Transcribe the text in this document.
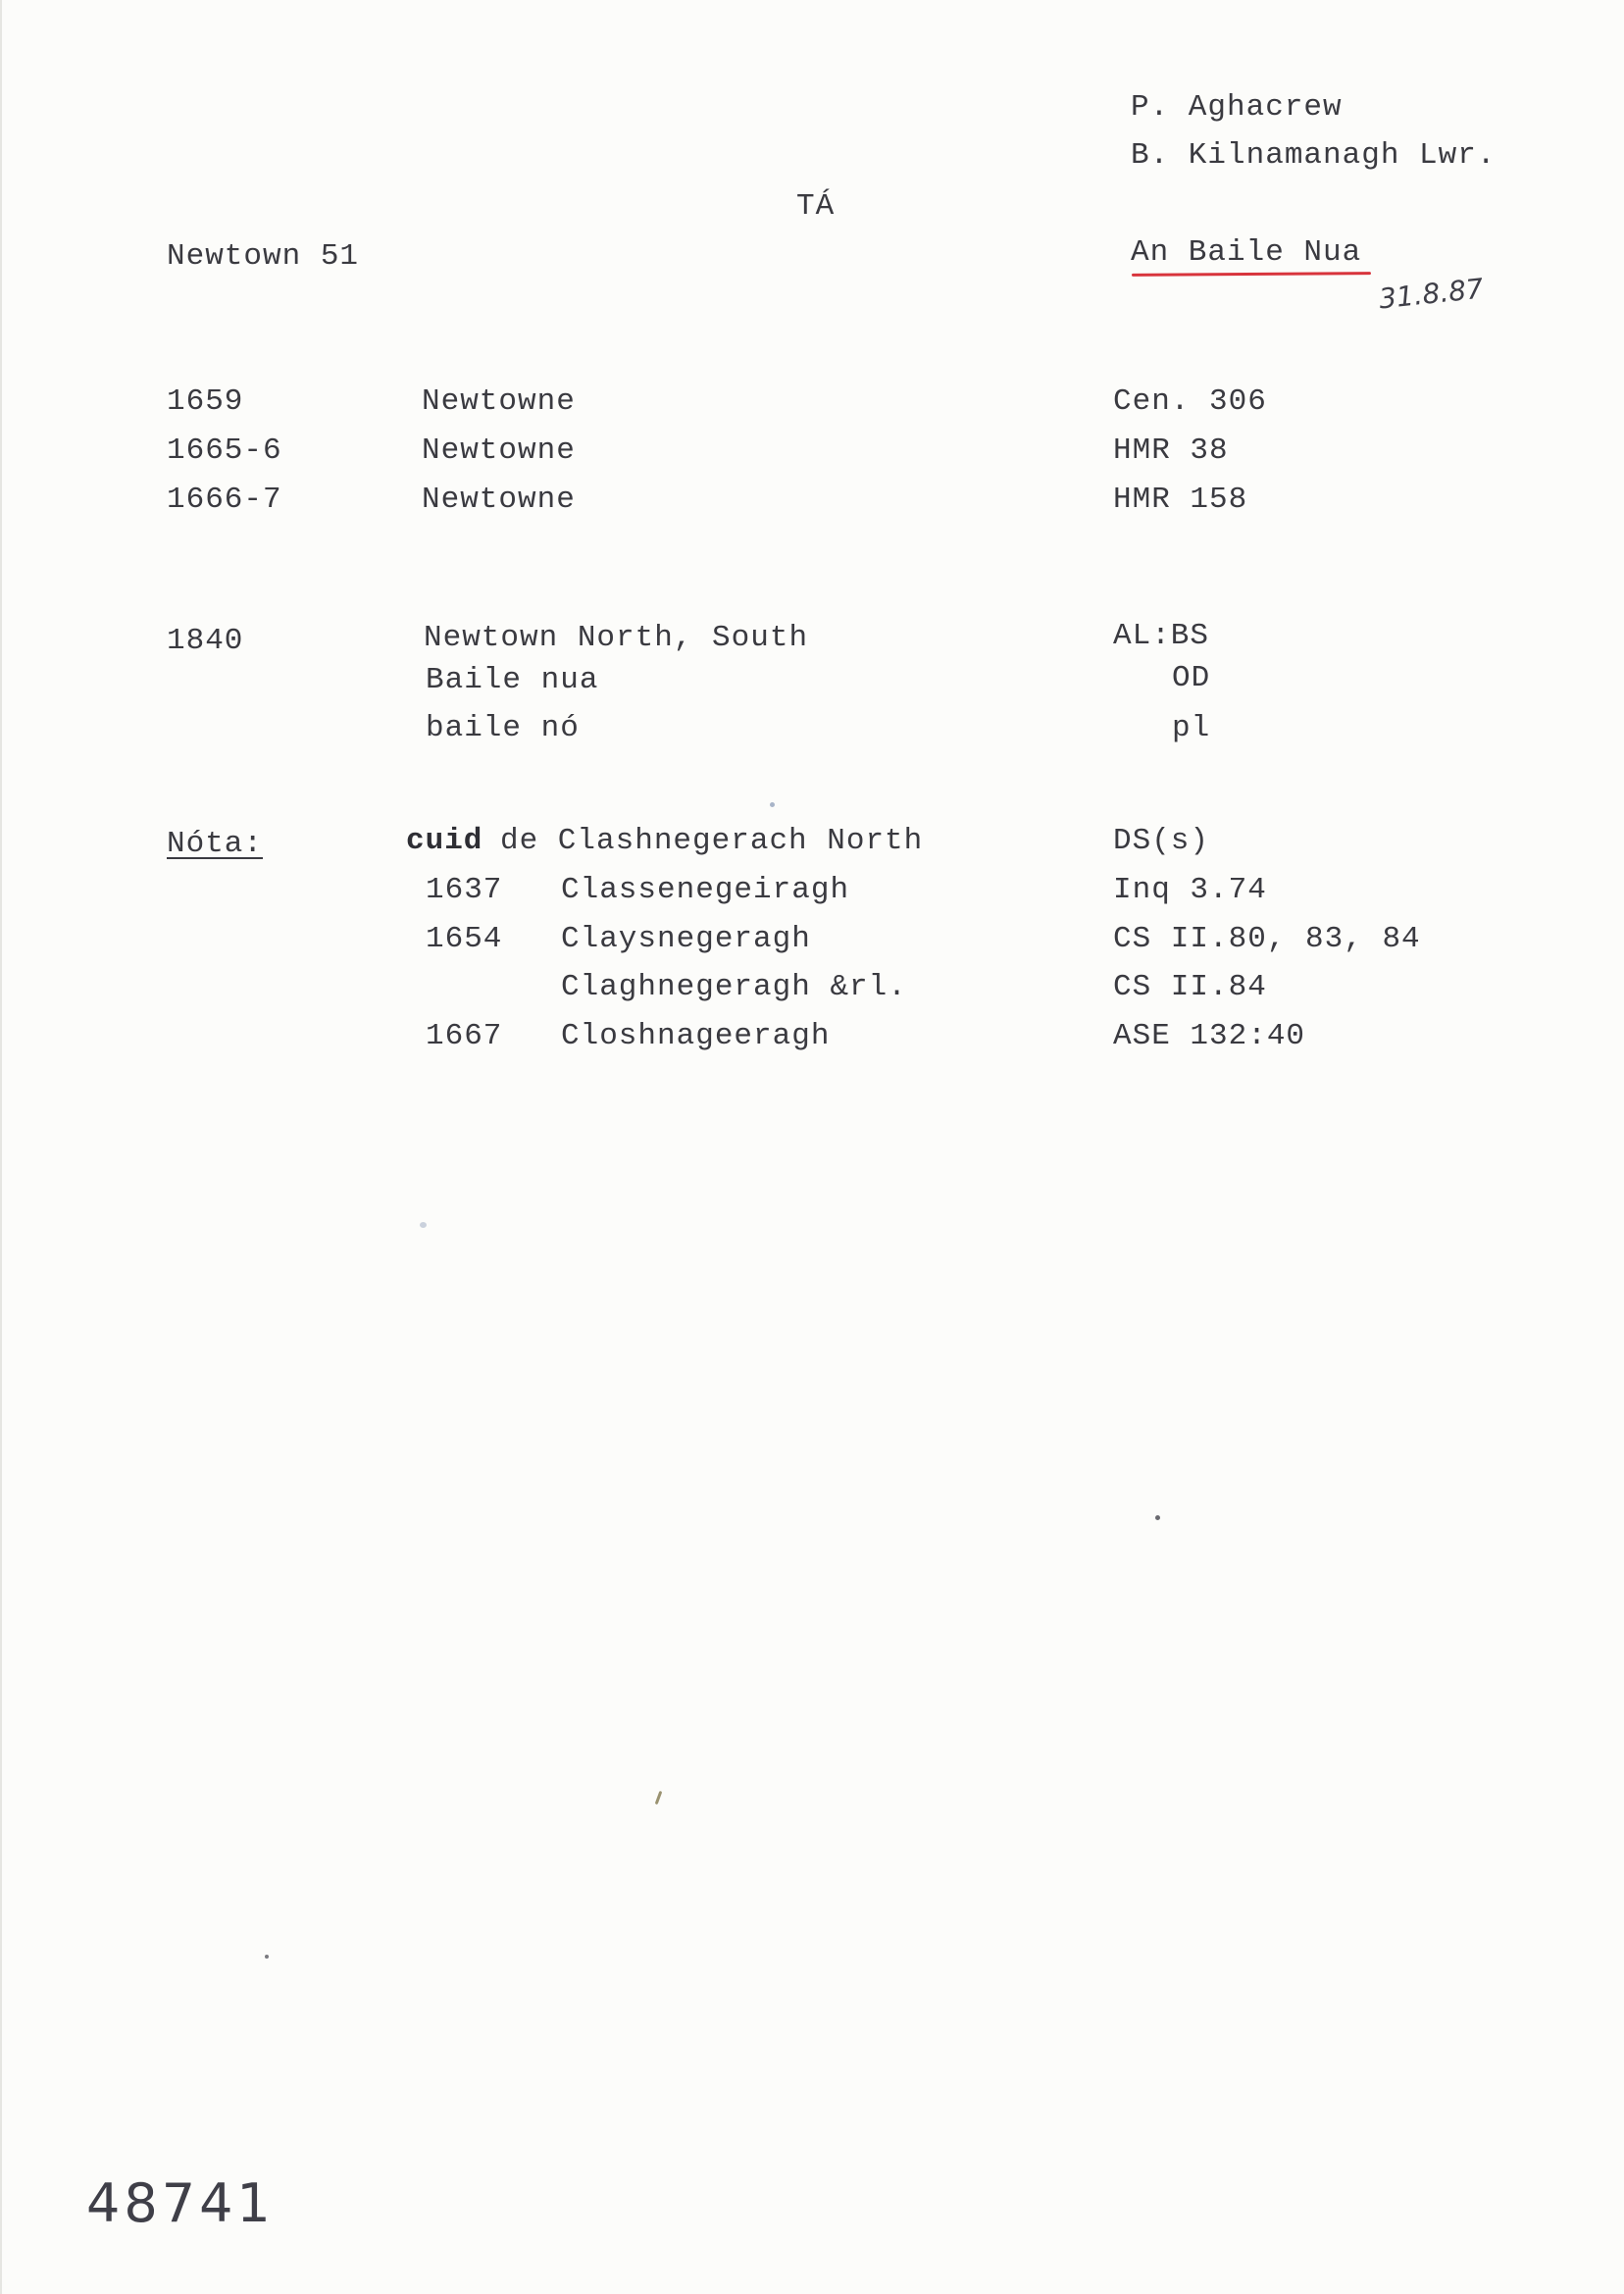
P. Aghacrew
B. Kilnamanagh Lwr.
TÁ
Newtown 51	An Baile Nua
31.8.87
1659	Newtowne	Cen. 306
1665-6	Newtowne	HMR 38
1666-7	Newtowne	HMR 158
1840	Newtown North, South	AL:BS
Baile nua	OD
baile nó	pl
Nóta:	cuid de Clashnegerach North	DS(s)
1637 Classenegeiragh	Inq 3.74
1654 Claysnegeragh	CS II.80, 83, 84
Claghnegeragh &rl.	CS II.84
1667 Closhnageeragh	ASE 132:40
48741
